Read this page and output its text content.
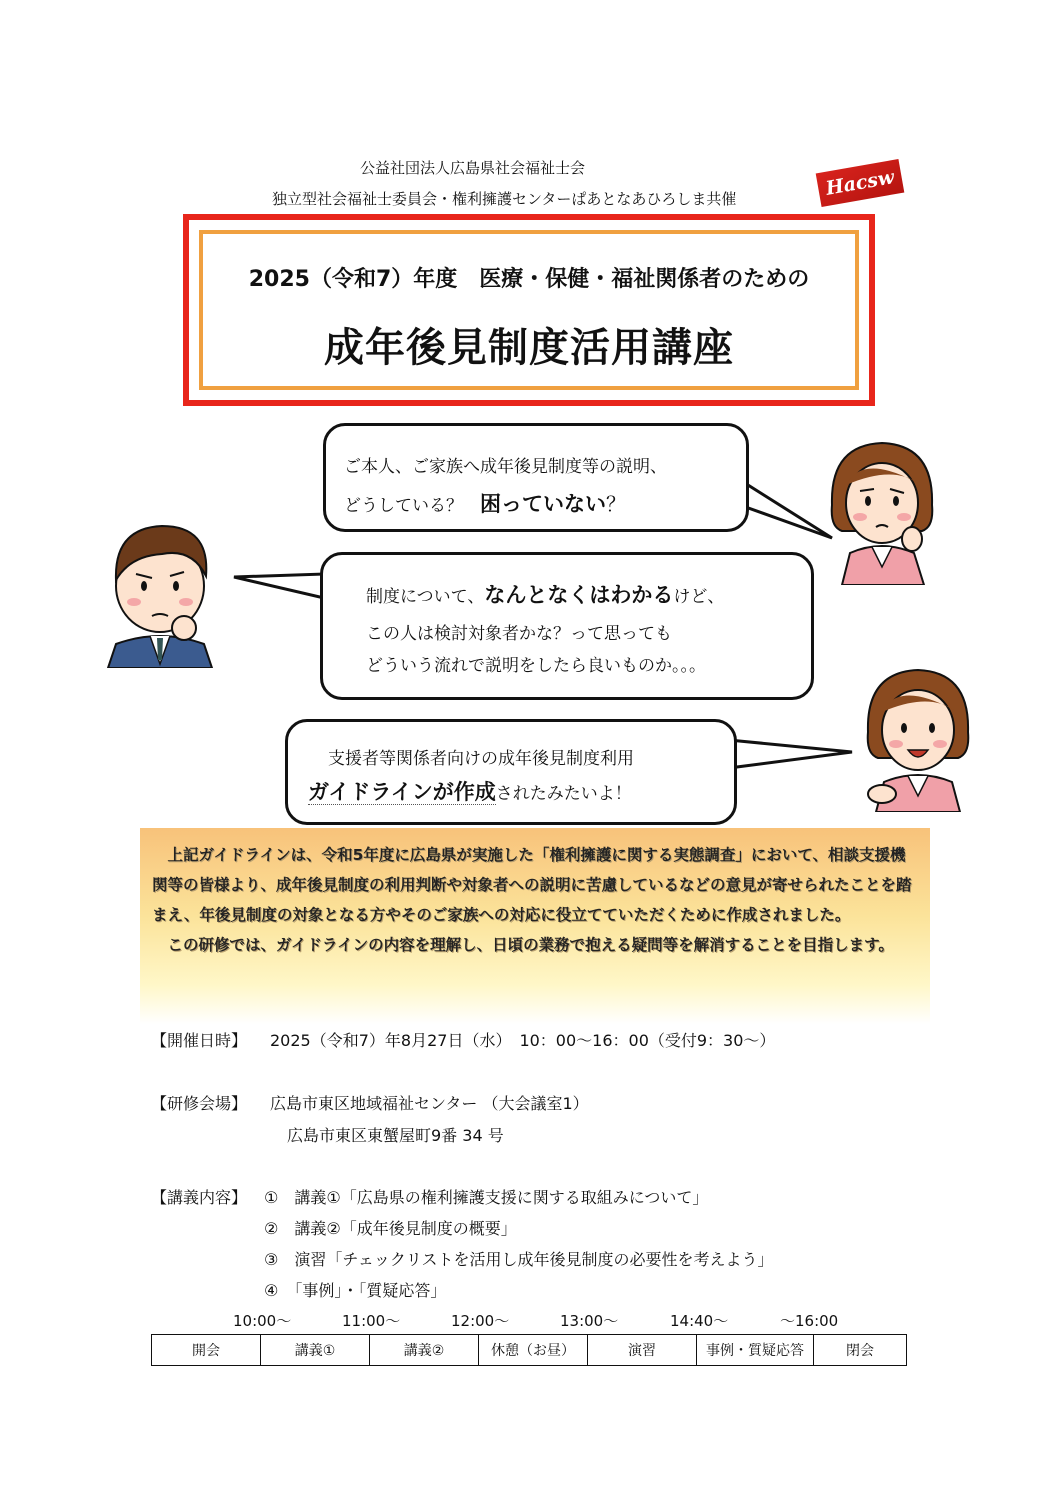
公益社団法人広島県社会福祉士会
独立型社会福祉士委員会・権利擁護センターぱあとなあひろしま共催	Hacsw
2025（令和7）年度　医療・保健・福祉関係者のための
成年後見制度活用講座
ご本人、ご家族へ成年後見制度等の説明、
どうしている？　困っていない？
制度について、なんとなくはわかるけど、
この人は検討対象者かな？って思っても
どういう流れで説明をしたら良いものか。。。
支援者等関係者向けの成年後見制度利用
ガイドラインが作成されたみたいよ！
上記ガイドラインは、令和5年度に広島県が実施した「権利擁護に関する実態調査」において、相談支援機関等の皆様より、成年後見制度の利用判断や対象者への説明に苦慮しているなどの意見が寄せられたことを踏まえ、年後見制度の対象となる方やそのご家族への対応に役立てていただくために作成されました。
この研修では、ガイドラインの内容を理解し、日頃の業務で抱える疑問等を解消することを目指します。
【開催日時】 2025（令和7）年8月27日（水）　10：00～16：00（受付9：30～）
【研修会場】 広島市東区地域福祉センター （大会議室1）
広島市東区東蟹屋町9番 34 号
【講義内容】 ①　講義①「広島県の権利擁護支援に関する取組みについて」
②　講義②「成年後見制度の概要」
③　演習「チェックリストを活用し成年後見制度の必要性を考えよう」
④　「事例」・「質疑応答」
10:00～	11:00～	12:00～	13:00～	14:40～	～16:00
開会	講義①	講義②	休憩（お昼）	演習	事例・質疑応答	閉会
